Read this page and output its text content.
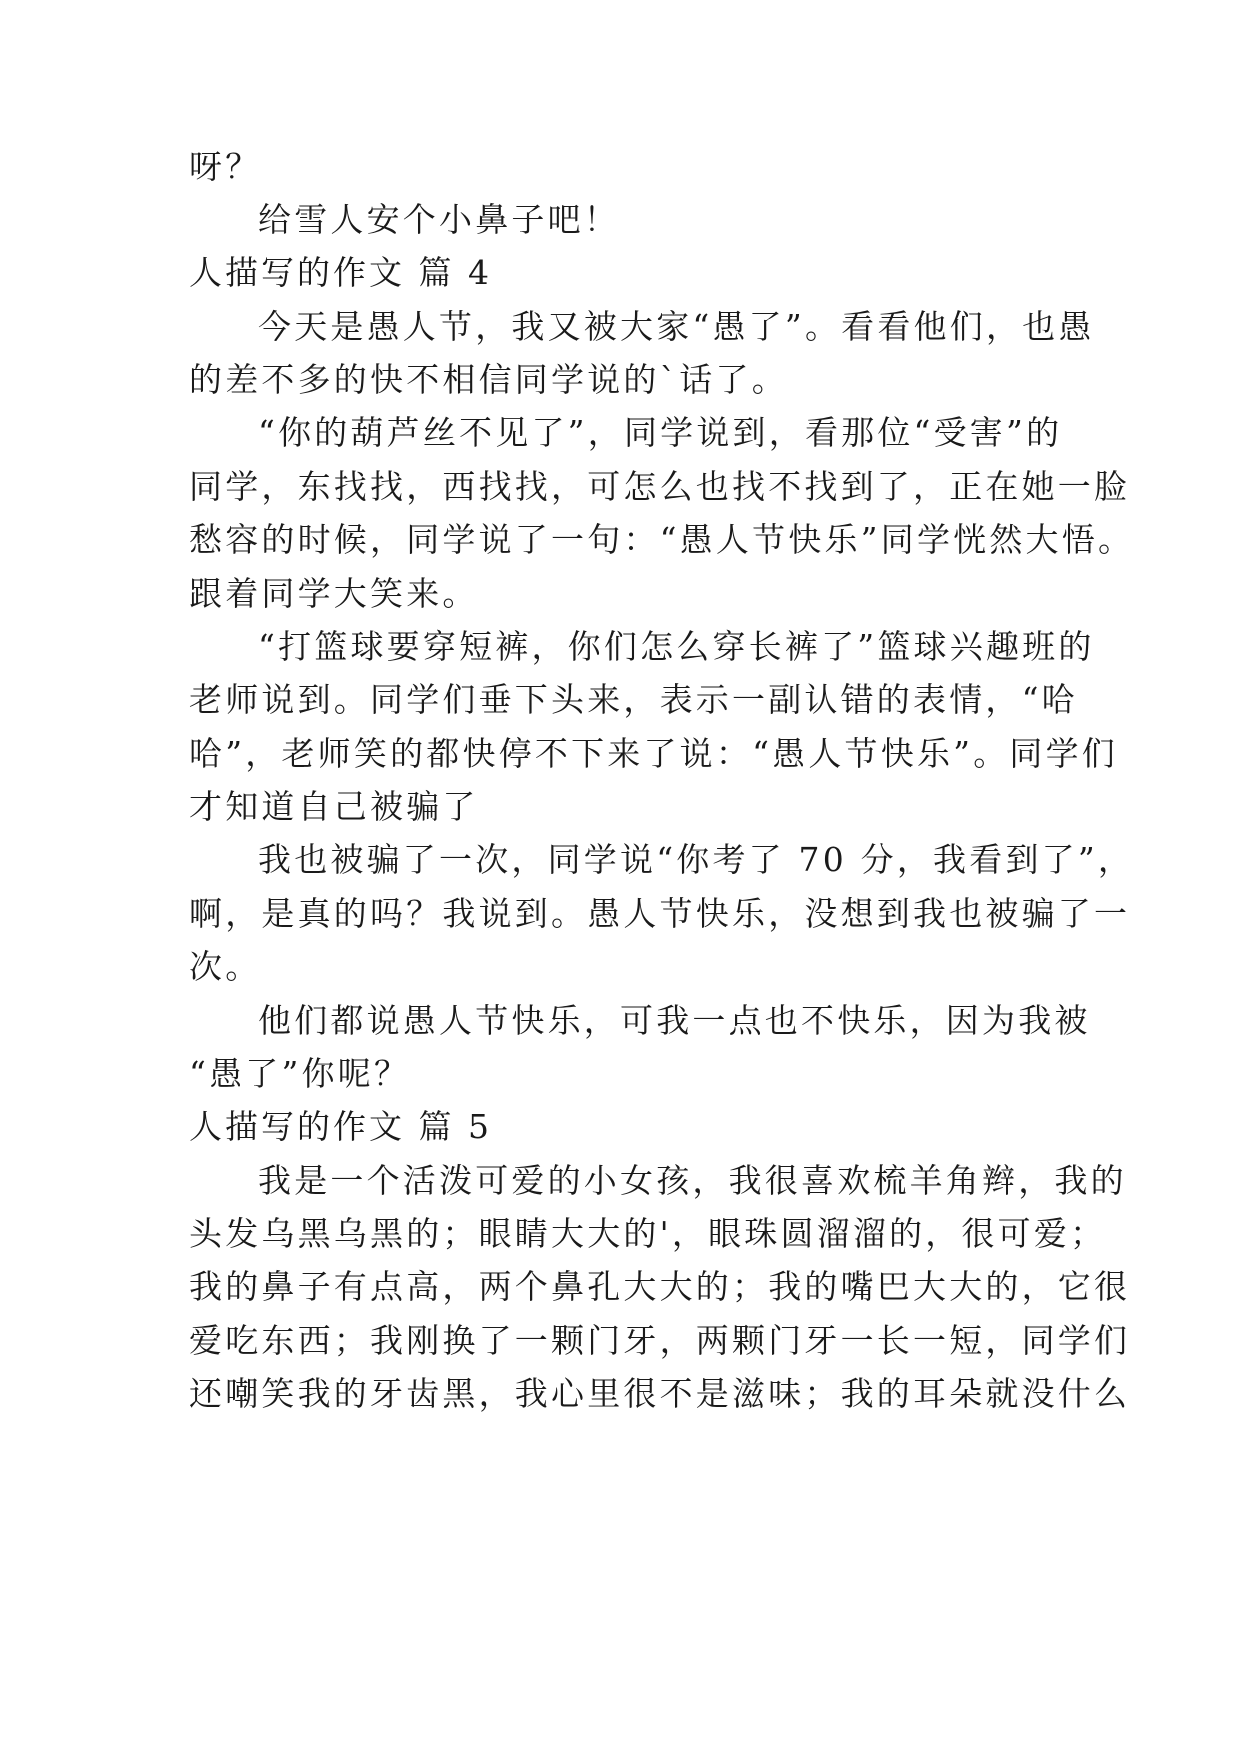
呀？
给雪人安个小鼻子吧！
人描写的作文 篇 4
今天是愚人节，我又被大家“愚了”。看看他们，也愚
的差不多的快不相信同学说的`话了。
“你的葫芦丝不见了”，同学说到，看那位“受害”的
同学，东找找，西找找，可怎么也找不找到了，正在她一脸
愁容的时候，同学说了一句：“愚人节快乐”同学恍然大悟。
跟着同学大笑来。
“打篮球要穿短裤，你们怎么穿长裤了”篮球兴趣班的
老师说到。同学们垂下头来，表示一副认错的表情，“哈
哈”，老师笑的都快停不下来了说：“愚人节快乐”。同学们
才知道自己被骗了
我也被骗了一次，同学说“你考了 70 分，我看到了”，
啊，是真的吗？我说到。愚人节快乐，没想到我也被骗了一
次。
他们都说愚人节快乐，可我一点也不快乐，因为我被
“愚了”你呢？
人描写的作文 篇 5
我是一个活泼可爱的小女孩，我很喜欢梳羊角辫，我的
头发乌黑乌黑的；眼睛大大的'，眼珠圆溜溜的，很可爱；
我的鼻子有点高，两个鼻孔大大的；我的嘴巴大大的，它很
爱吃东西；我刚换了一颗门牙，两颗门牙一长一短，同学们
还嘲笑我的牙齿黑，我心里很不是滋味；我的耳朵就没什么
